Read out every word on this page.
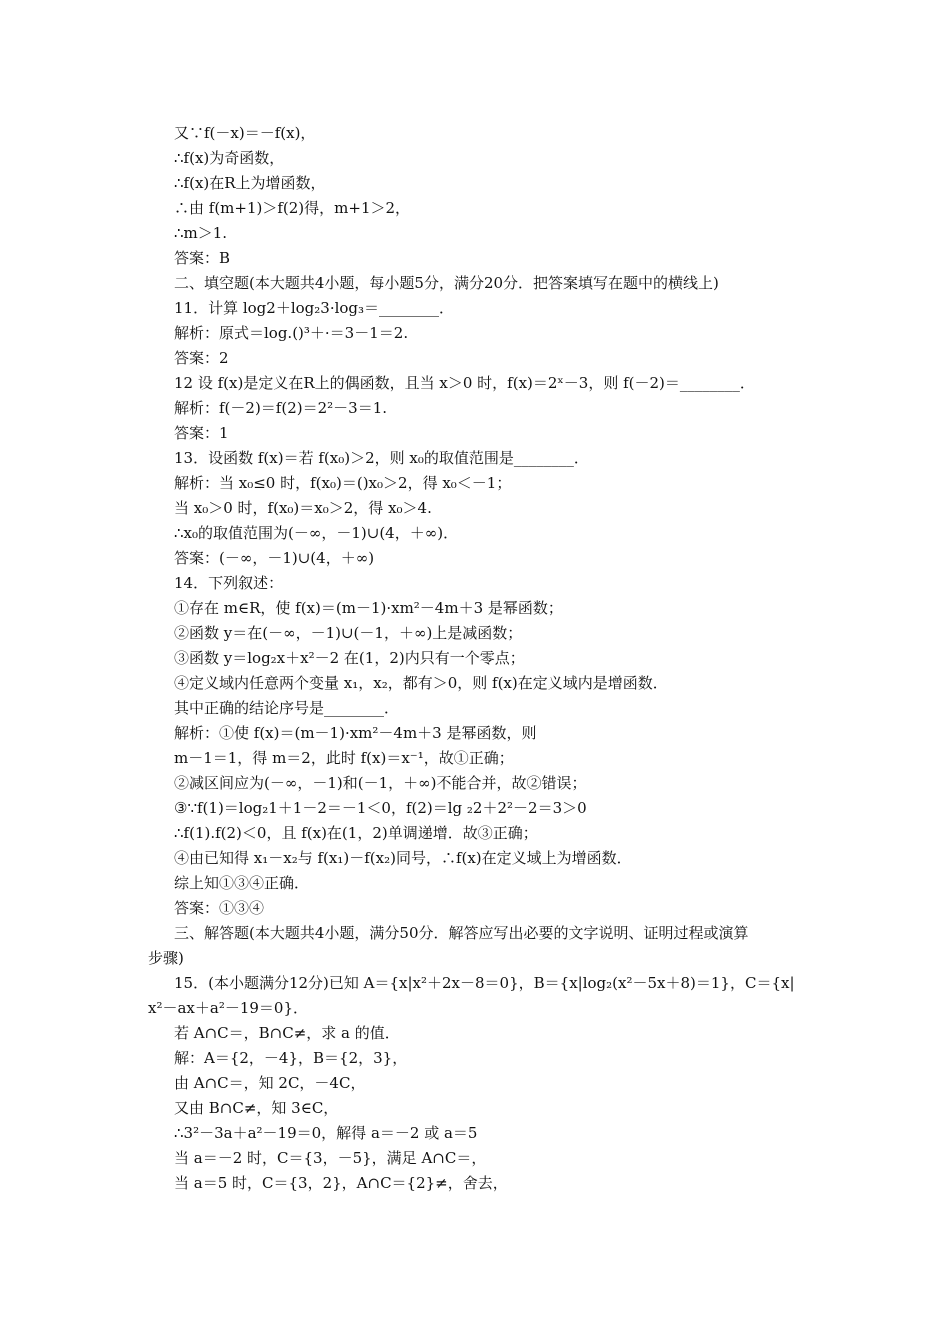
又∵f(－x)＝－f(x)，
∴f(x)为奇函数，
∴f(x)在R上为增函数，
∴由 f(m+1)＞f(2)得，m+1＞2，
∴m＞1.
答案：B
二、填空题(本大题共4小题，每小题5分，满分20分．把答案填写在题中的横线上)
11．计算 log2＋log₂3·log₃＝________．
解析：原式＝log.()³＋·＝3－1＝2.
答案：2
12 设 f(x)是定义在R上的偶函数，且当 x＞0 时，f(x)＝2ˣ－3，则 f(－2)＝________．
解析：f(－2)＝f(2)＝2²－3＝1.
答案：1
13．设函数 f(x)＝若 f(x₀)＞2，则 x₀的取值范围是________．
解析：当 x₀≤0 时，f(x₀)＝()x₀＞2，得 x₀＜－1；
当 x₀＞0 时，f(x₀)＝x₀＞2，得 x₀＞4.
∴x₀的取值范围为(－∞，－1)∪(4，＋∞)．
答案：(－∞，－1)∪(4，＋∞)
14．下列叙述：
①存在 m∈R，使 f(x)＝(m－1)·xm²－4m＋3 是幂函数；
②函数 y＝在(－∞，－1)∪(－1，＋∞)上是减函数；
③函数 y＝log₂x＋x²－2 在(1，2)内只有一个零点；
④定义域内任意两个变量 x₁，x₂，都有＞0，则 f(x)在定义域内是增函数．
其中正确的结论序号是________．
解析：①使 f(x)＝(m－1)·xm²－4m＋3 是幂函数，则
m－1＝1，得 m＝2，此时 f(x)＝x⁻¹，故①正确；
②减区间应为(－∞，－1)和(－1，＋∞)不能合并，故②错误；
③∵f(1)＝log₂1＋1－2＝－1＜0，f(2)＝lg ₂2＋2²－2＝3＞0
∴f(1).f(2)＜0，且 f(x)在(1，2)单调递增．故③正确；
④由已知得 x₁－x₂与 f(x₁)－f(x₂)同号，∴f(x)在定义域上为增函数．
综上知①③④正确．
答案：①③④
三、解答题(本大题共4小题，满分50分．解答应写出必要的文字说明、证明过程或演算
步骤)
15．(本小题满分12分)已知 A＝{x|x²＋2x－8＝0}，B＝{x|log₂(x²－5x＋8)＝1}，C＝{x|
x²－ax＋a²－19＝0}．
若 A∩C＝，B∩C≠，求 a 的值．
解：A＝{2，－4}，B＝{2，3}，
由 A∩C＝，知 2C，－4C，
又由 B∩C≠，知 3∈C，
∴3²－3a＋a²－19＝0，解得 a＝－2 或 a＝5
当 a＝－2 时，C＝{3，－5}，满足 A∩C＝，
当 a＝5 时，C＝{3，2}，A∩C＝{2}≠，舍去，
